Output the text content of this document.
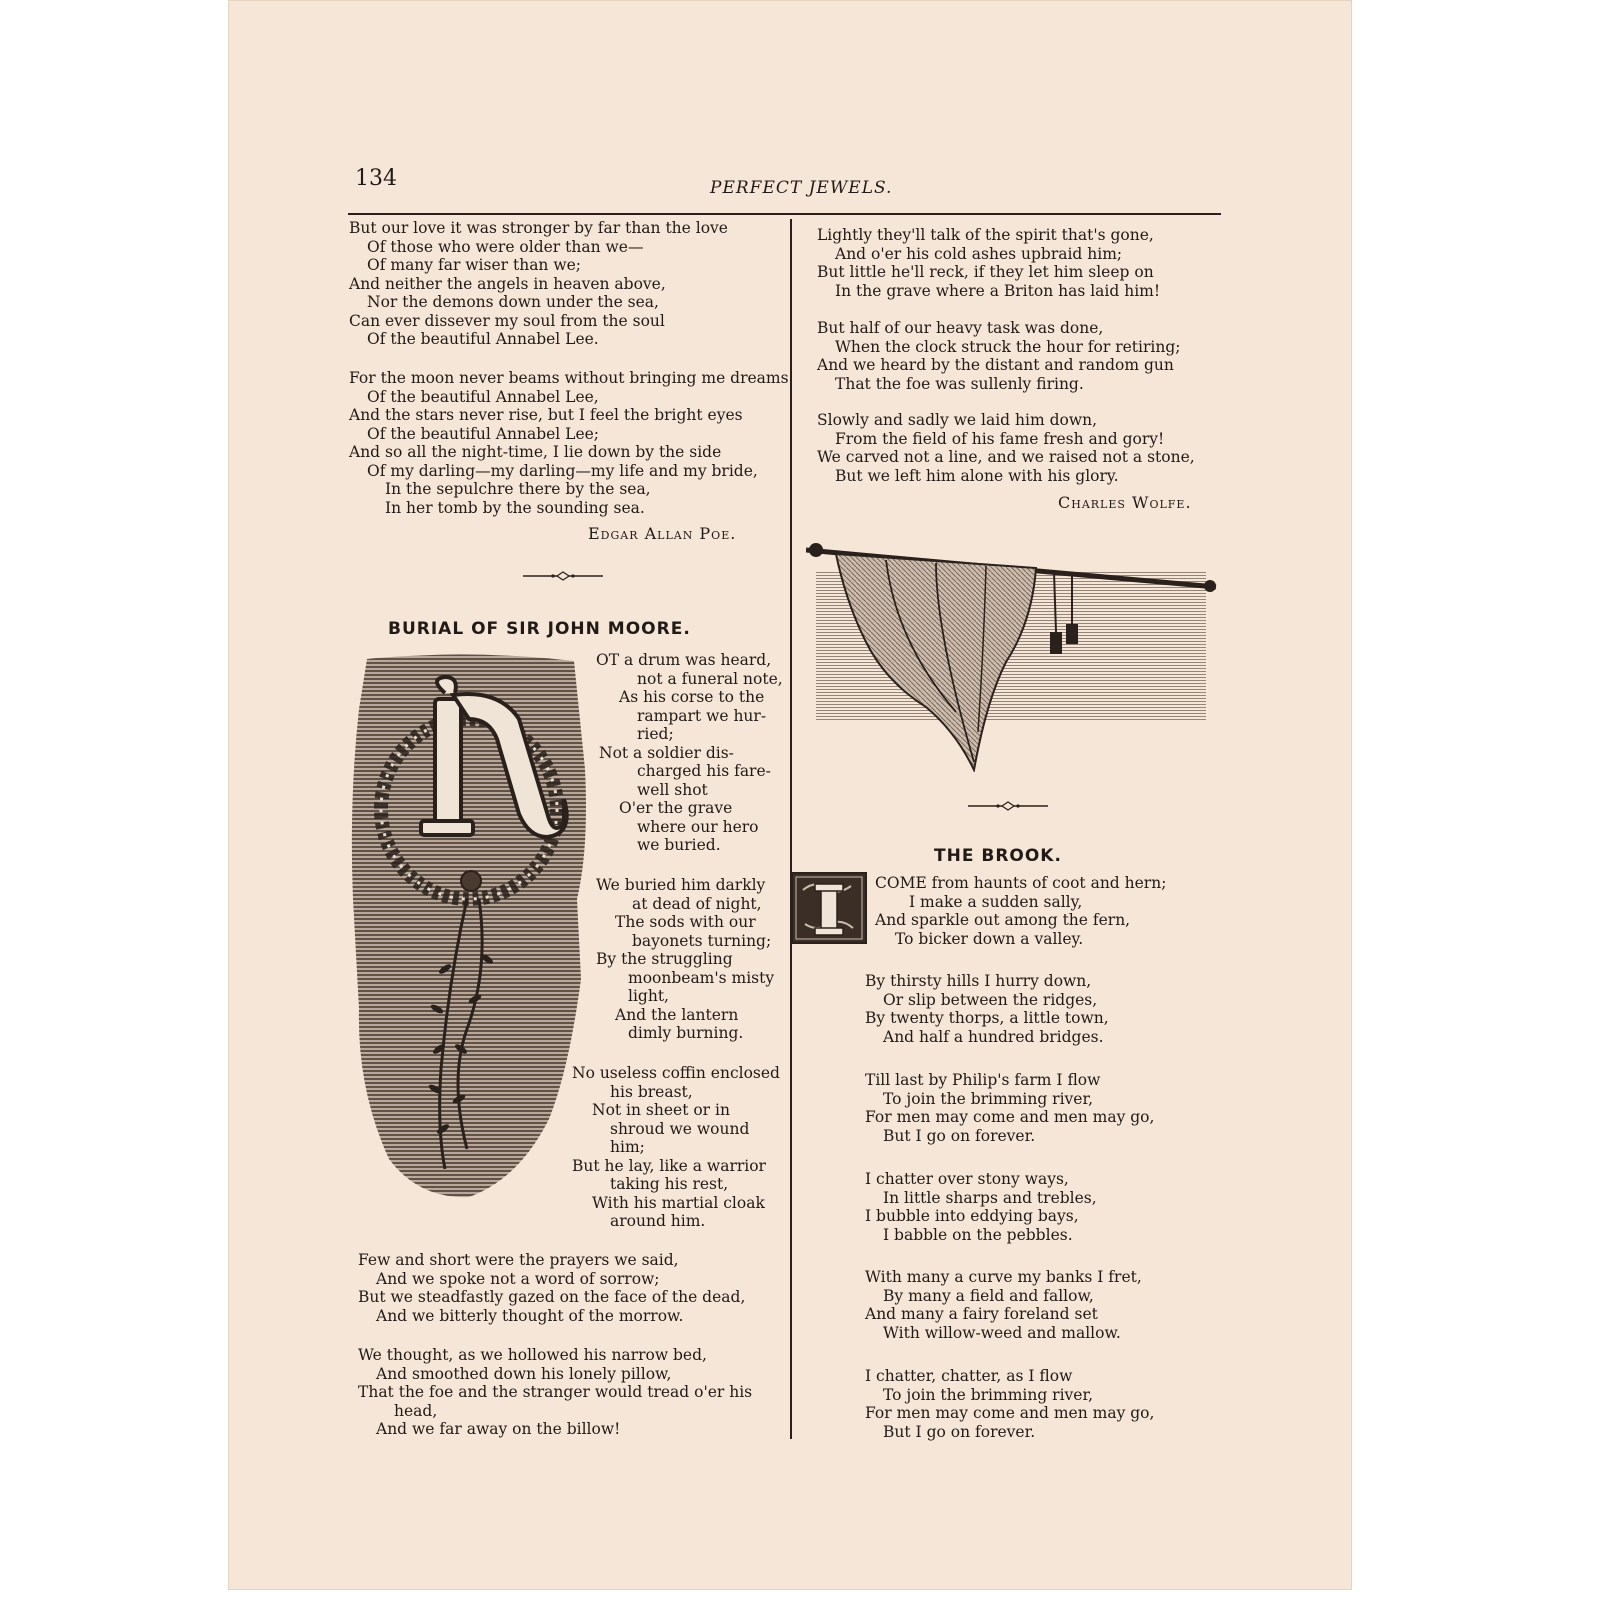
134	PERFECT JEWELS.
But our love it was stronger by far than the love
Of those who were older than we—
Of many far wiser than we;
And neither the angels in heaven above,
Nor the demons down under the sea,
Can ever dissever my soul from the soul
Of the beautiful Annabel Lee.
For the moon never beams without bringing me dreams
Of the beautiful Annabel Lee,
And the stars never rise, but I feel the bright eyes
Of the beautiful Annabel Lee;
And so all the night-time, I lie down by the side
Of my darling—my darling—my life and my bride,
In the sepulchre there by the sea,
In her tomb by the sounding sea.
Edgar Allan Poe.
BURIAL OF SIR JOHN MOORE.
OT a drum was heard,
not a funeral note,
As his corse to the
rampart we hur-
ried;
Not a soldier dis-
charged his fare-
well shot
O'er the grave
where our hero
we buried.
We buried him darkly
at dead of night,
The sods with our
bayonets turning;
By the struggling
moonbeam's misty
light,
And the lantern
dimly burning.
No useless coffin enclosed
his breast,
Not in sheet or in
shroud we wound
him;
But he lay, like a warrior
taking his rest,
With his martial cloak
around him.
Few and short were the prayers we said,
And we spoke not a word of sorrow;
But we steadfastly gazed on the face of the dead,
And we bitterly thought of the morrow.
We thought, as we hollowed his narrow bed,
And smoothed down his lonely pillow,
That the foe and the stranger would tread o'er his
head,
And we far away on the billow!
Lightly they'll talk of the spirit that's gone,
And o'er his cold ashes upbraid him;
But little he'll reck, if they let him sleep on
In the grave where a Briton has laid him!
But half of our heavy task was done,
When the clock struck the hour for retiring;
And we heard by the distant and random gun
That the foe was sullenly firing.
Slowly and sadly we laid him down,
From the field of his fame fresh and gory!
We carved not a line, and we raised not a stone,
But we left him alone with his glory.
Charles Wolfe.
THE BROOK.
COME from haunts of coot and hern;
I make a sudden sally,
And sparkle out among the fern,
To bicker down a valley.
By thirsty hills I hurry down,
Or slip between the ridges,
By twenty thorps, a little town,
And half a hundred bridges.
Till last by Philip's farm I flow
To join the brimming river,
For men may come and men may go,
But I go on forever.
I chatter over stony ways,
In little sharps and trebles,
I bubble into eddying bays,
I babble on the pebbles.
With many a curve my banks I fret,
By many a field and fallow,
And many a fairy foreland set
With willow-weed and mallow.
I chatter, chatter, as I flow
To join the brimming river,
For men may come and men may go,
But I go on forever.
